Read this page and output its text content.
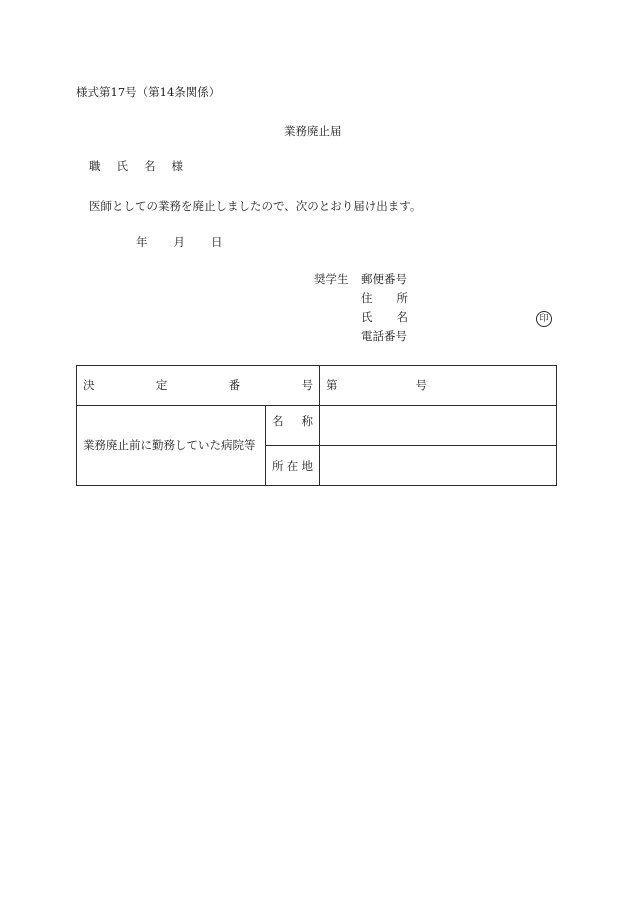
様式第17号（第14条関係）
業務廃止届
職 氏 名 様
医師としての業務を廃止しましたので、次のとおり届け出ます。
年 月 日
奨学生 郵便番号
住 所
氏 名	印
電話番号
決 定 番 号		第 号

業務廃止前に勤務していた病院等	名 称	

	所 在 地	
